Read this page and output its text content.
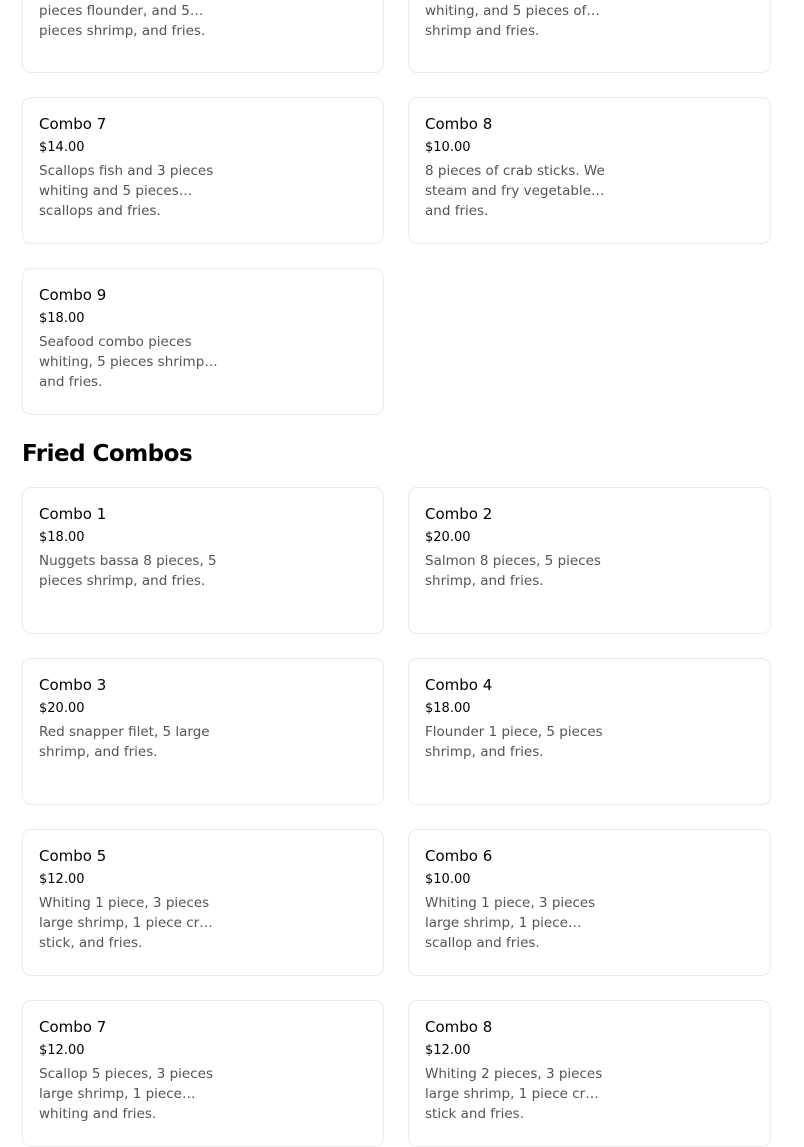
pieces flounder, and 5 pieces shrimp, and fries.
whiting, and 5 pieces of shrimp and fries.
Combo 7
$14.00
Scallops fish and 3 pieces whiting and 5 pieces scallops and fries.
Combo 8
$10.00
8 pieces of crab sticks. We steam and fry vegetables and fries.
Combo 9
$18.00
Seafood combo pieces whiting, 5 pieces shrimps and fries.
Fried Combos
Combo 1
$18.00
Nuggets bassa 8 pieces, 5 pieces shrimp, and fries.
Combo 2
$20.00
Salmon 8 pieces, 5 pieces shrimp, and fries.
Combo 3
$20.00
Red snapper filet, 5 large shrimp, and fries.
Combo 4
$18.00
Flounder 1 piece, 5 pieces shrimp, and fries.
Combo 5
$12.00
Whiting 1 piece, 3 pieces large shrimp, 1 piece crab stick, and fries.
Combo 6
$10.00
Whiting 1 piece, 3 pieces large shrimp, 1 piece scallop and fries.
Combo 7
$12.00
Scallop 5 pieces, 3 pieces large shrimp, 1 piece whiting and fries.
Combo 8
$12.00
Whiting 2 pieces, 3 pieces large shrimp, 1 piece crab stick and fries.
